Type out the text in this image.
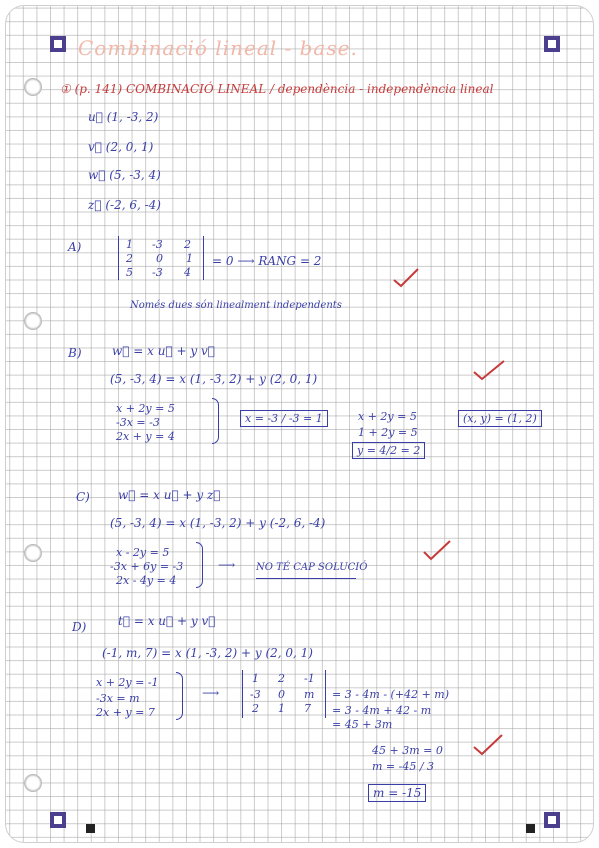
Combinació lineal - base.
① (p. 141) COMBINACIÓ LINEAL / dependència - independència lineal
u⃗ (1, -3, 2)
v⃗ (2, 0, 1)
w⃗ (5, -3, 4)
z⃗ (-2, 6, -4)
A)	1 -3 2
2 0 1
5 -3 4
= 0 ⟶ RANG = 2
Només dues són linealment independents
B)	w⃗ = x u⃗ + y v⃗
(5, -3, 4) = x (1, -3, 2) + y (2, 0, 1)
x + 2y = 5
-3x = -3
2x + y = 4
x = -3 / -3 = 1	x + 2y = 5
1 + 2y = 5
y = 4/2 = 2
(x, y) = (1, 2)
C) w⃗ = x u⃗ + y z⃗
(5, -3, 4) = x (1, -3, 2) + y (-2, 6, -4)
x - 2y = 5
-3x + 6y = -3
2x - 4y = 4
⟶ NO TÉ CAP SOLUCIÓ
D)	t⃗ = x u⃗ + y v⃗
(-1, m, 7) = x (1, -3, 2) + y (2, 0, 1)
x + 2y = -1
-3x = m
2x + y = 7
⟶
1 2 -1
-3 0 m
2 1 7
= 3 - 4m - (+42 + m)
= 3 - 4m + 42 - m
= 45 + 3m
45 + 3m = 0
m = -45 / 3
m = -15
